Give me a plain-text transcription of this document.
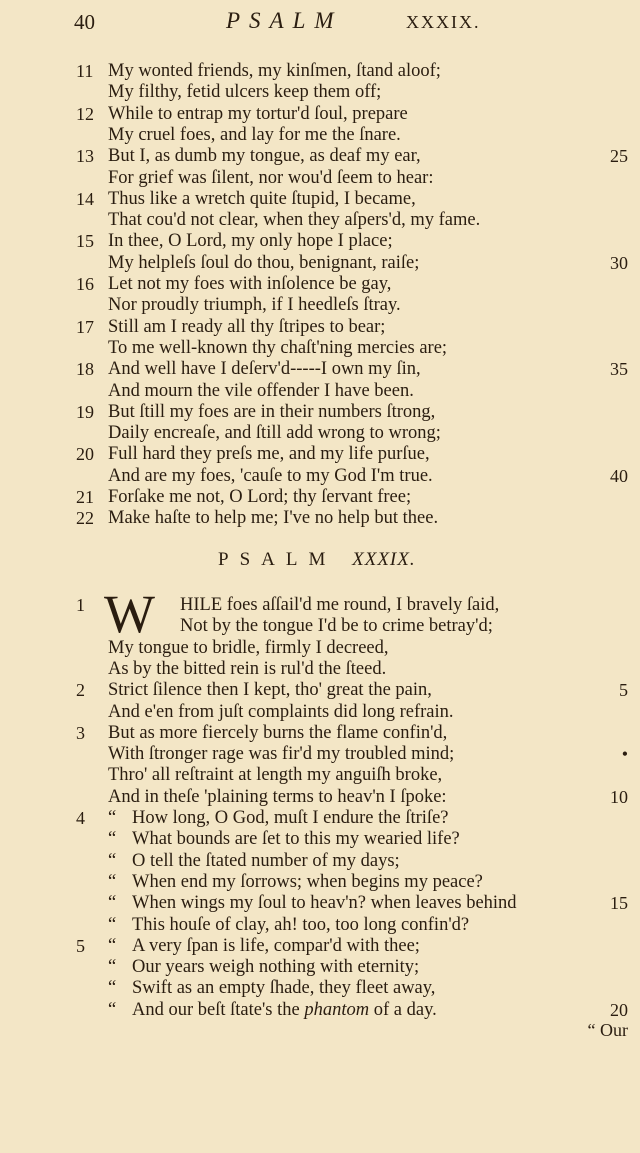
40	PSALM	XXXIX.
11 My wonted friends, my kinſmen, ſtand aloof;
My filthy, fetid ulcers keep them off;
12 While to entrap my tortur'd ſoul, prepare
My cruel foes, and lay for me the ſnare.
13 But I, as dumb my tongue, as deaf my ear,	25
For grief was ſilent, nor wou'd ſeem to hear:
14 Thus like a wretch quite ſtupid, I became,
That cou'd not clear, when they aſpers'd, my fame.
15 In thee, O Lord, my only hope I place;
My helpleſs ſoul do thou, benignant, raiſe;	30
16 Let not my foes with inſolence be gay,
Nor proudly triumph, if I heedleſs ſtray.
17 Still am I ready all thy ſtripes to bear;
To me well-known thy chaſt'ning mercies are;
18 And well have I deſerv'd-----I own my ſin,	35
And mourn the vile offender I have been.
19 But ſtill my foes are in their numbers ſtrong,
Daily encreaſe, and ſtill add wrong to wrong;
20 Full hard they preſs me, and my life purſue,
And are my foes, 'cauſe to my God I'm true.	40
21 Forſake me not, O Lord; thy ſervant free;
22 Make haſte to help me; I've no help but thee.
PSALM XXXIX.
W
1	HILE foes aſſail'd me round, I bravely ſaid,
Not by the tongue I'd be to crime betray'd;
My tongue to bridle, firmly I decreed,
As by the bitted rein is rul'd the ſteed.
2	Strict ſilence then I kept, tho' great the pain,	5
And e'en from juſt complaints did long refrain.
3	But as more fiercely burns the flame confin'd,
With ſtronger rage was fir'd my troubled mind;	•
Thro' all reſtraint at length my anguiſh broke,
And in theſe 'plaining terms to heav'n I ſpoke:	10
4	“ How long, O God, muſt I endure the ſtriſe?
“ What bounds are ſet to this my wearied life?
“ O tell the ſtated number of my days;
“ When end my ſorrows; when begins my peace?
“ When wings my ſoul to heav'n? when leaves behind	15
“ This houſe of clay, ah! too, too long confin'd?
5	“ A very ſpan is life, compar'd with thee;
“ Our years weigh nothing with eternity;
“ Swift as an empty ſhade, they fleet away,
“ And our beſt ſtate's the phantom of a day.	20
“ Our
